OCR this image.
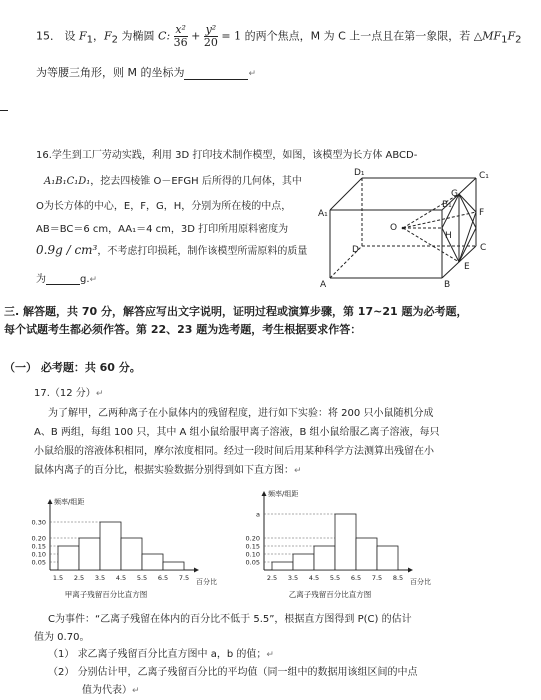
15． 设 $F_1$，$F_2$ 为椭圆 C: $\frac{\text{x²}}{36} + \frac{\text{y²}}{20} = 1$ 的两个焦点，M 为 C 上一点且在第一象限，若 $\triangle MF_1F_2$
为等腰三角形，则 M 的坐标为	↵
16.学生到工厂劳动实践，利用 3D 打印技术制作模型，如图，该模型为长方体 ABCD-
A₁B₁C₁D₁，挖去四棱锥 O－EFGH 后所得的几何体，其中
O为长方体的中心，E，F，G，H，分别为所在棱的中点，
AB＝BC＝6 cm，AA₁＝4 cm，3D 打印所用原料密度为
0.9g / cm³，不考虑打印损耗，制作该模型所需原料的质量
为	g.↵
D₁	C₁
A₁
B₁
D	C
A	B
O
E
F
G
H
三. 解答题，共 70 分，解答应写出文字说明，证明过程或演算步骤，第 17~21 题为必考题，
每个试题考生都必须作答。第 22、23 题为选考题，考生根据要求作答：
（一） 必考题：共 60 分。
17.（12 分）↵
为了解甲，乙两种离子在小鼠体内的残留程度，进行如下实验：将 200 只小鼠随机分成
A、B 两组，每组 100 只，其中 A 组小鼠给服甲离子溶液，B 组小鼠给服乙离子溶液，每只
小鼠给服的溶液体积相同，摩尔浓度相同。经过一段时间后用某种科学方法测算出残留在小
鼠体内离子的百分比，根据实验数据分别得到如下直方图：↵
频率/组距
0.05
0.10
0.15
0.20
0.30
1.5 2.5 3.5 4.5 5.5 6.5 7.5 百分比
甲离子残留百分比直方图
频率/组距
0.05
0.10
0.15
0.20
a
2.5 3.5 4.5 5.5 6.5 7.5 8.5 百分比
乙离子残留百分比直方图
C为事件：“乙离子残留在体内的百分比不低于 5.5”，根据直方图得到 P(C) 的估计
值为 0.70。
（1） 求乙离子残留百分比直方图中 a，b 的值；↵
（2） 分别估计甲，乙离子残留百分比的平均值（同一组中的数据用该组区间的中点
值为代表）↵
